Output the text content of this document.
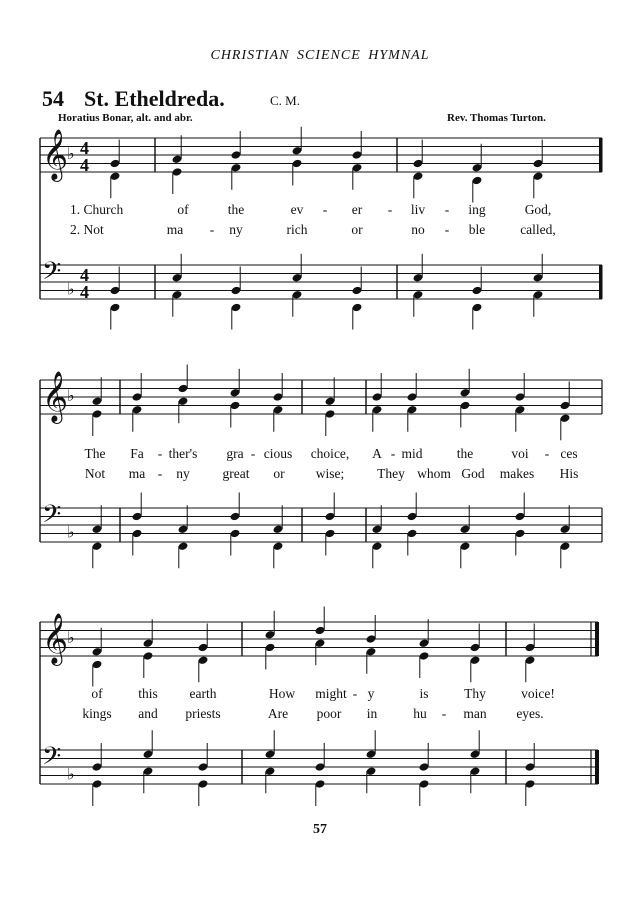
CHRISTIAN SCIENCE HYMNAL
54 St. Etheldreda.	C. M.
Horatius Bonar, alt. and abr.	Rev. Thomas Turton.
𝄞
♭ 4
4
𝄢 ♭
4
4
𝄞
♭
𝄢 ♭
𝄞
♭
𝄢 ♭
1. Church	of	the	ev - er - liv - ing	God,
2. Not	ma - ny	rich	or	no - ble	called,
The Fa - ther's gra - cious choice, A - mid	the	voi - ces
Not ma - ny great or wise; They whom God makes His
of	this earth	How might - y	is	Thy	voice!
kings and priests	Are poor in	hu - man eyes.
57
